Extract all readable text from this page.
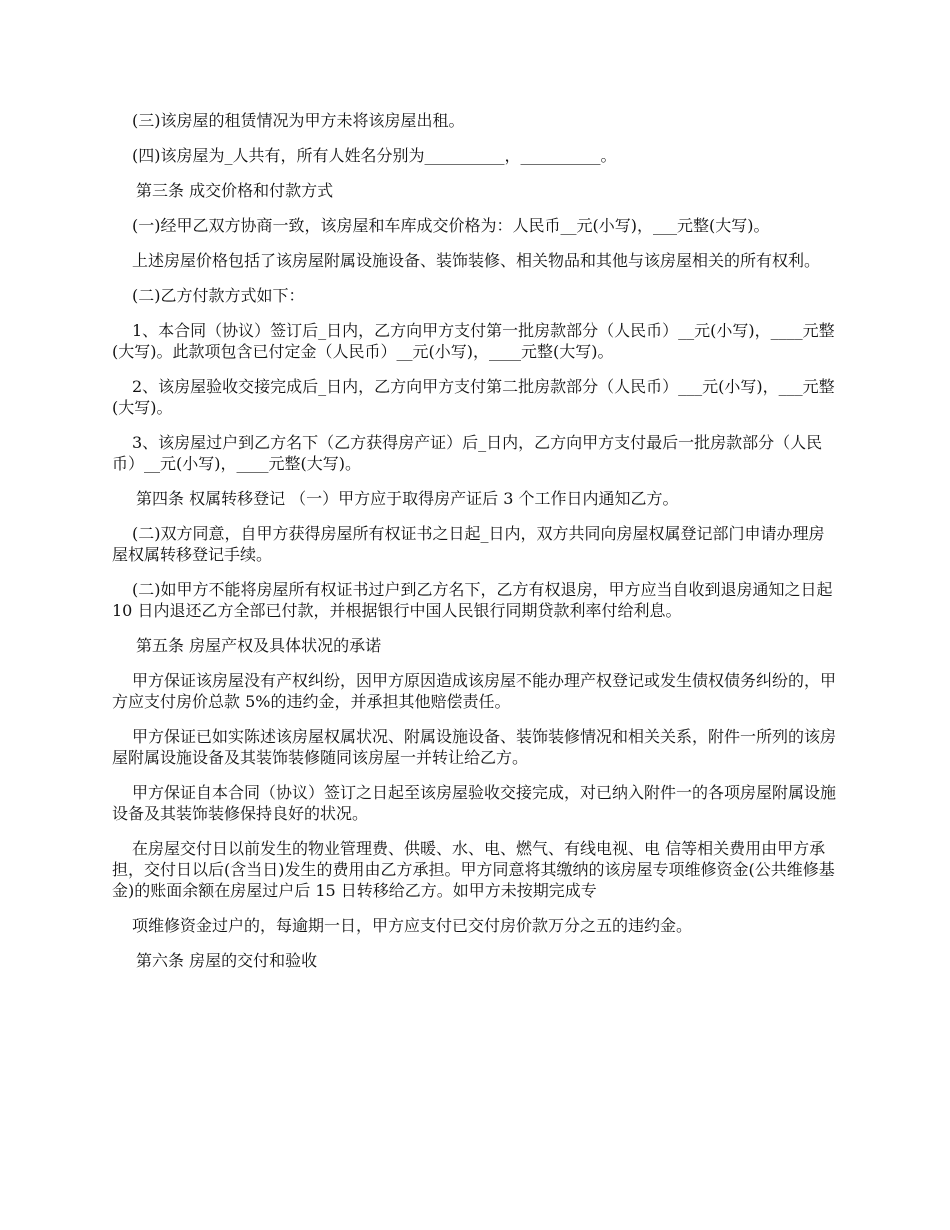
(三)该房屋的租赁情况为甲方未将该房屋出租。

(四)该房屋为_人共有，所有人姓名分别为__________，__________。

第三条 成交价格和付款方式

(一)经甲乙双方协商一致，该房屋和车库成交价格为：人民币__元(小写)，___元整(大写)。

上述房屋价格包括了该房屋附属设施设备、装饰装修、相关物品和其他与该房屋相关的所有权利。

(二)乙方付款方式如下：

1、本合同（协议）签订后_日内，乙方向甲方支付第一批房款部分（人民币）__元(小写)，____元整(大写)。此款项包含已付定金（人民币）__元(小写)，____元整(大写)。

2、该房屋验收交接完成后_日内，乙方向甲方支付第二批房款部分（人民币）___元(小写)，___元整(大写)。

3、该房屋过户到乙方名下（乙方获得房产证）后_日内，乙方向甲方支付最后一批房款部分（人民币）__元(小写)，____元整(大写)。

第四条 权属转移登记 （一）甲方应于取得房产证后 3 个工作日内通知乙方。

(二)双方同意，自甲方获得房屋所有权证书之日起_日内，双方共同向房屋权属登记部门申请办理房屋权属转移登记手续。

(二)如甲方不能将房屋所有权证书过户到乙方名下，乙方有权退房，甲方应当自收到退房通知之日起 10 日内退还乙方全部已付款，并根据银行中国人民银行同期贷款利率付给利息。

第五条 房屋产权及具体状况的承诺

甲方保证该房屋没有产权纠纷，因甲方原因造成该房屋不能办理产权登记或发生债权债务纠纷的，甲方应支付房价总款 5%的违约金，并承担其他赔偿责任。

甲方保证已如实陈述该房屋权属状况、附属设施设备、装饰装修情况和相关关系，附件一所列的该房屋附属设施设备及其装饰装修随同该房屋一并转让给乙方。

甲方保证自本合同（协议）签订之日起至该房屋验收交接完成，对已纳入附件一的各项房屋附属设施设备及其装饰装修保持良好的状况。

在房屋交付日以前发生的物业管理费、供暖、水、电、燃气、有线电视、电 信等相关费用由甲方承担，交付日以后(含当日)发生的费用由乙方承担。甲方同意将其缴纳的该房屋专项维修资金(公共维修基金)的账面余额在房屋过户后 15 日转移给乙方。如甲方未按期完成专

项维修资金过户的，每逾期一日，甲方应支付已交付房价款万分之五的违约金。

第六条 房屋的交付和验收
